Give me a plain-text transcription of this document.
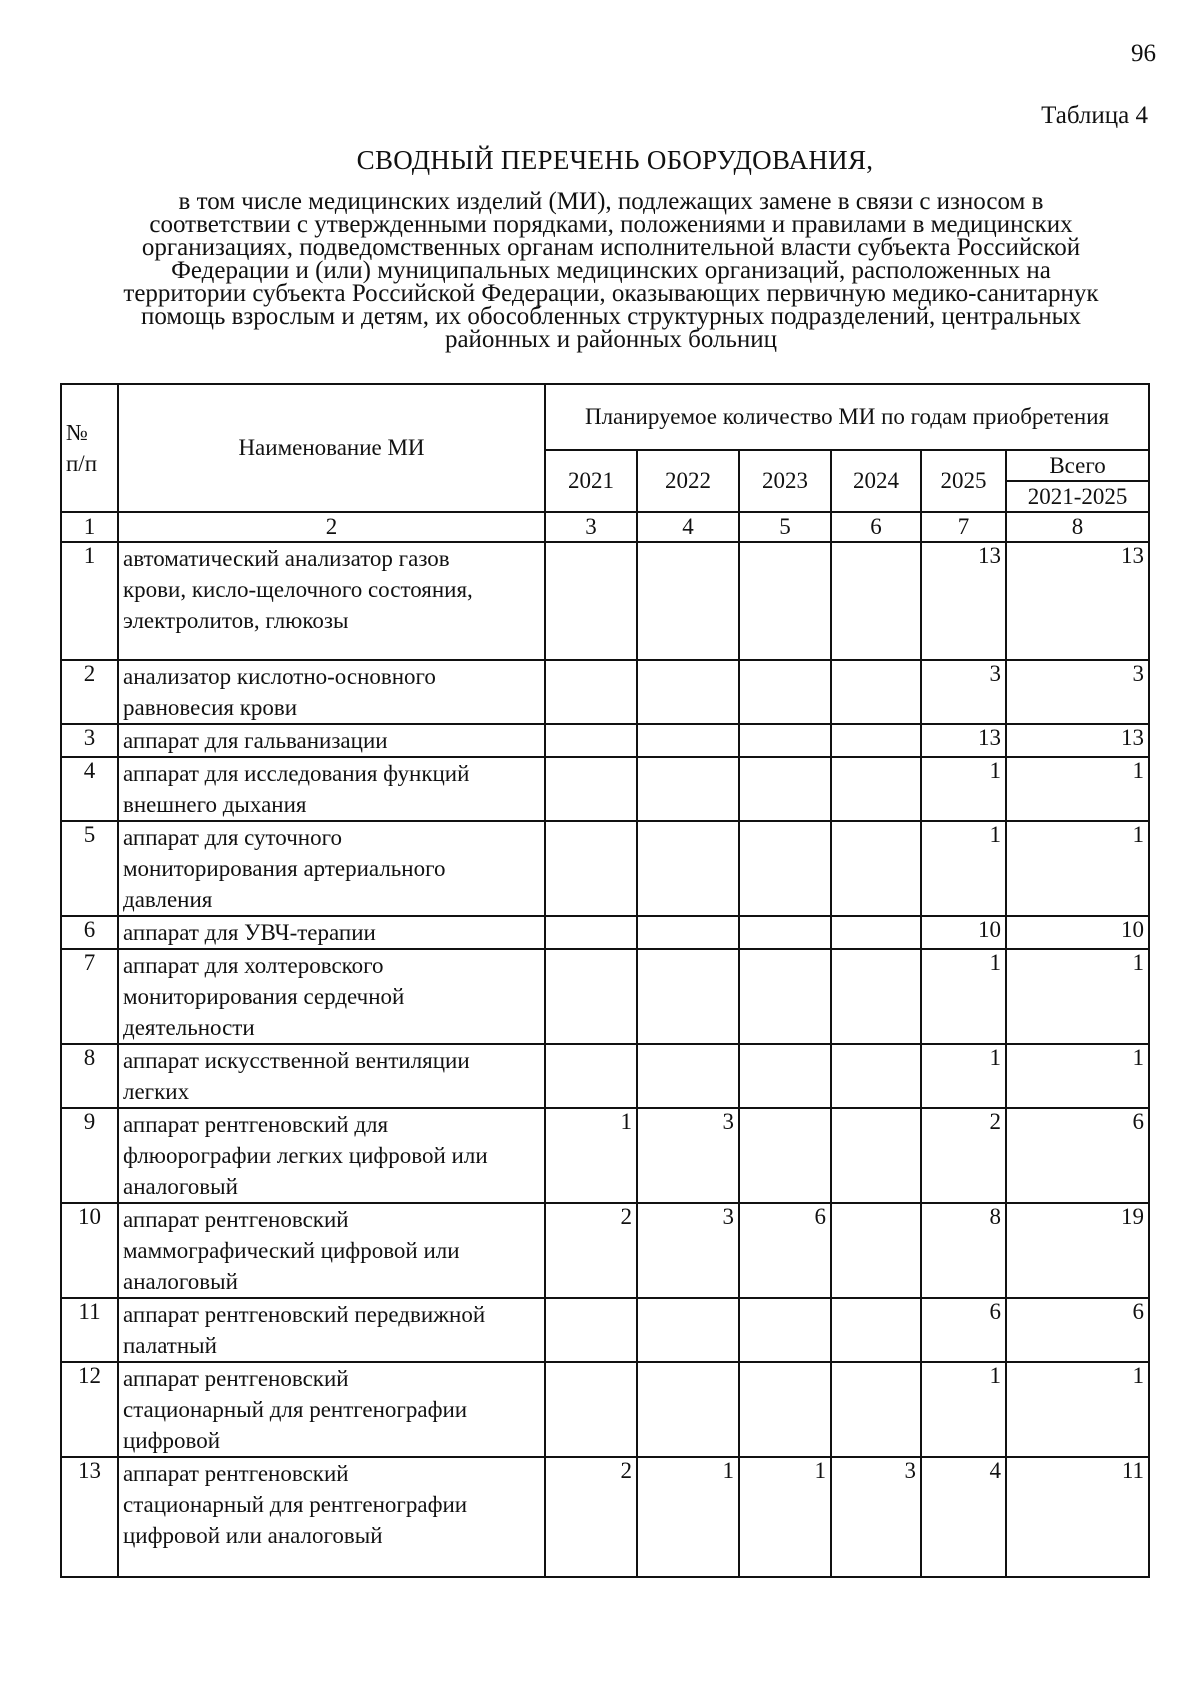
96
Таблица 4
СВОДНЫЙ ПЕРЕЧЕНЬ ОБОРУДОВАНИЯ,
в том числе медицинских изделий (МИ), подлежащих замене в связи с износом в
соответствии с утвержденными порядками, положениями и правилами в медицинских
организациях, подведомственных органам исполнительной власти субъекта Российской
Федерации и (или) муниципальных медицинских организаций, расположенных на
территории субъекта Российской Федерации, оказывающих первичную медико-санитарнук
помощь взрослым и детям, их обособленных структурных подразделений, центральных
районных и районных больниц
№
п/п	Наименование МИ	Планируемое количество МИ по годам приобретения					
		2021	2022	2023	2024	2025	Всего
							2021-2025
1	2	3	4	5	6	7	8
1	автоматический анализатор газов
крови, кисло-щелочного состояния,
электролитов, глюкозы					13	13
2	анализатор кислотно-основного
равновесия крови					3	3
3	аппарат для гальванизации					13	13
4	аппарат для исследования функций
внешнего дыхания					1	1
5	аппарат для суточного
мониторирования артериального
давления					1	1
6	аппарат для УВЧ-терапии					10	10
7	аппарат для холтеровского
мониторирования сердечной
деятельности					1	1
8	аппарат искусственной вентиляции
легких					1	1
9	аппарат рентгеновский для
флюорографии легких цифровой или
аналоговый	1	3			2	6
10	аппарат рентгеновский
маммографический цифровой или
аналоговый	2	3	6		8	19
11	аппарат рентгеновский передвижной
палатный					6	6
12	аппарат рентгеновский
стационарный для рентгенографии
цифровой					1	1
13	аппарат рентгеновский
стационарный для рентгенографии
цифровой или аналоговый	2	1	1	3	4	11
